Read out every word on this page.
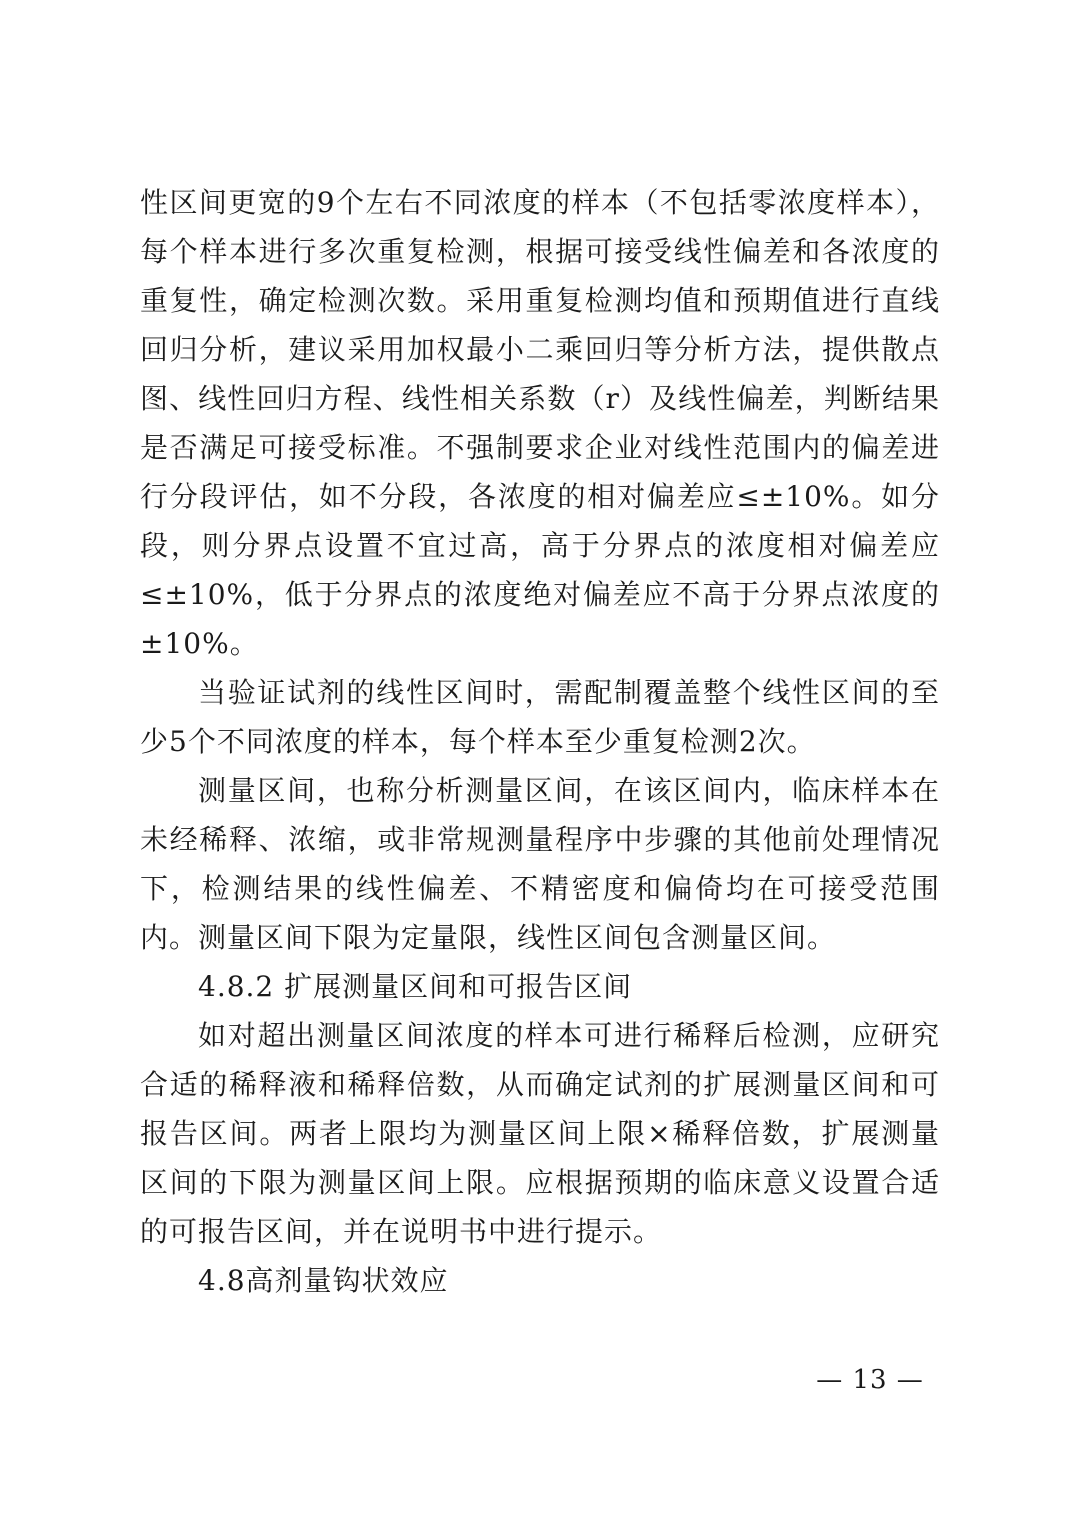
性区间更宽的9个左右不同浓度的样本（不包括零浓度样本），每个样本进行多次重复检测，根据可接受线性偏差和各浓度的重复性，确定检测次数。采用重复检测均值和预期值进行直线回归分析，建议采用加权最小二乘回归等分析方法，提供散点图、线性回归方程、线性相关系数（r）及线性偏差，判断结果是否满足可接受标准。不强制要求企业对线性范围内的偏差进行分段评估，如不分段，各浓度的相对偏差应≤±10%。如分段，则分界点设置不宜过高，高于分界点的浓度相对偏差应≤±10%，低于分界点的浓度绝对偏差应不高于分界点浓度的±10%。

当验证试剂的线性区间时，需配制覆盖整个线性区间的至少5个不同浓度的样本，每个样本至少重复检测2次。

测量区间，也称分析测量区间，在该区间内，临床样本在未经稀释、浓缩，或非常规测量程序中步骤的其他前处理情况下，检测结果的线性偏差、不精密度和偏倚均在可接受范围内。测量区间下限为定量限，线性区间包含测量区间。

4.8.2 扩展测量区间和可报告区间

如对超出测量区间浓度的样本可进行稀释后检测，应研究合适的稀释液和稀释倍数，从而确定试剂的扩展测量区间和可报告区间。两者上限均为测量区间上限×稀释倍数，扩展测量区间的下限为测量区间上限。应根据预期的临床意义设置合适的可报告区间，并在说明书中进行提示。

4.8高剂量钩状效应

— 13 —
